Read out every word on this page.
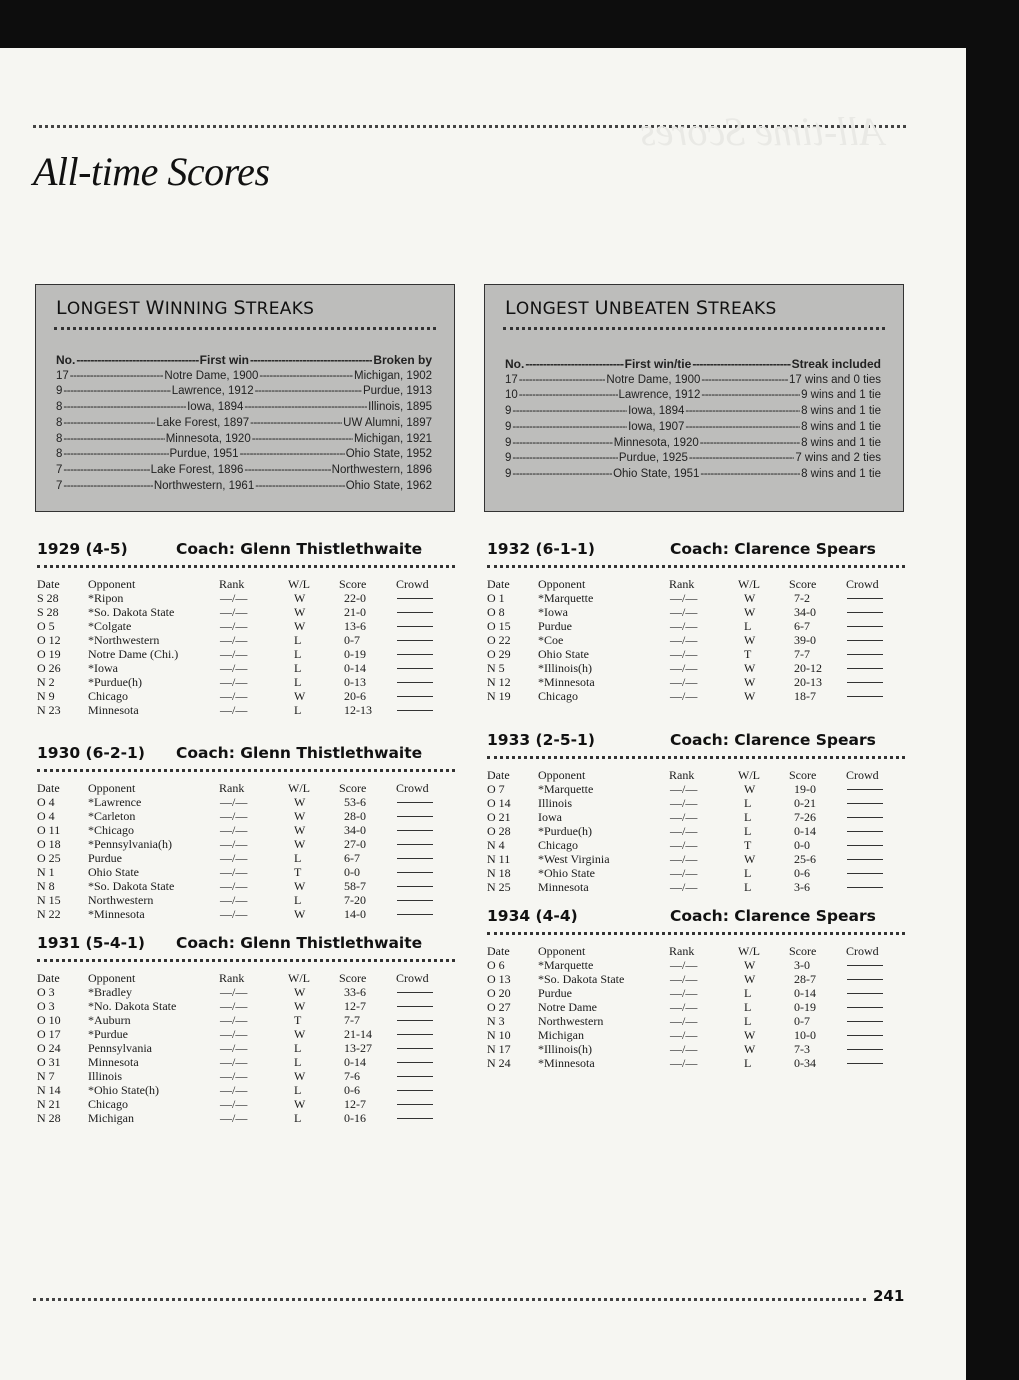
All-time Scores
All-time Scores
LONGEST WINNING STREAKS
No. -----	First win -----	Broken by
17 -----	Notre Dame, 1900 -----	Michigan, 1902
9 -----	Lawrence, 1912 -----	Purdue, 1913
8 -----	Iowa, 1894 -----	Illinois, 1895
8 -----	Lake Forest, 1897 -----	UW Alumni, 1897
8 -----	Minnesota, 1920 -----	Michigan, 1921
8 -----	Purdue, 1951 -----	Ohio State, 1952
7 -----	Lake Forest, 1896 -----	Northwestern, 1896
7 -----	Northwestern, 1961 -----	Ohio State, 1962
LONGEST UNBEATEN STREAKS
No. -----	First win/tie -----	Streak included
17 -----	Notre Dame, 1900 -----	17 wins and 0 ties
10 -----	Lawrence, 1912 -----	9 wins and 1 tie
9 -----	Iowa, 1894 -----	8 wins and 1 tie
9 -----	Iowa, 1907 -----	8 wins and 1 tie
9 -----	Minnesota, 1920 -----	8 wins and 1 tie
9 -----	Purdue, 1925 -----	7 wins and 2 ties
9 -----	Ohio State, 1951 -----	8 wins and 1 tie
1929 (4-5)	Coach: Glenn Thistlethwaite
Date Opponent	Rank	W/L Score Crowd
S 28 *Ripon	—/—	W	22-0
S 28 *So. Dakota State	—/—	W	21-0
O 5	*Colgate	—/—	W	13-6
O 12 *Northwestern	—/—	L	0-7
O 19 Notre Dame (Chi.)	—/—	L	0-19
O 26 *Iowa	—/—	L	0-14
N 2	*Purdue(h)	—/—	L	0-13
N 9	Chicago	—/—	W	20-6
N 23 Minnesota	—/—	L	12-13
1930 (6-2-1) Coach: Glenn Thistlethwaite
Date Opponent	Rank	W/L Score Crowd
O 4	*Lawrence	—/—	W	53-6
O 4	*Carleton	—/—	W	28-0
O 11 *Chicago	—/—	W	34-0
O 18 *Pennsylvania(h)	—/—	W	27-0
O 25 Purdue	—/—	L	6-7
N 1	Ohio State	—/—	T	0-0
N 8	*So. Dakota State	—/—	W	58-7
N 15 Northwestern	—/—	L	7-20
N 22 *Minnesota	—/—	W	14-0
1931 (5-4-1) Coach: Glenn Thistlethwaite
Date Opponent	Rank	W/L Score Crowd
O 3	*Bradley	—/—	W	33-6
O 3	*No. Dakota State	—/—	W	12-7
O 10 *Auburn	—/—	T	7-7
O 17 *Purdue	—/—	W	21-14
O 24 Pennsylvania	—/—	L	13-27
O 31 Minnesota	—/—	L	0-14
N 7	Illinois	—/—	W	7-6
N 14 *Ohio State(h)	—/—	L	0-6
N 21 Chicago	—/—	W	12-7
N 28 Michigan	—/—	L	0-16
1932 (6-1-1)	Coach: Clarence Spears
Date Opponent	Rank	W/L Score Crowd
O 1	*Marquette	—/—	W	7-2
O 8	*Iowa	—/—	W	34-0
O 15 Purdue	—/—	L	6-7
O 22 *Coe	—/—	W	39-0
O 29 Ohio State	—/—	T	7-7
N 5	*Illinois(h)	—/—	W	20-12
N 12 *Minnesota	—/—	W	20-13
N 19 Chicago	—/—	W	18-7
1933 (2-5-1)	Coach: Clarence Spears
Date Opponent	Rank	W/L Score Crowd
O 7	*Marquette	—/—	W	19-0
O 14 Illinois	—/—	L	0-21
O 21 Iowa	—/—	L	7-26
O 28 *Purdue(h)	—/—	L	0-14
N 4	Chicago	—/—	T	0-0
N 11 *West Virginia	—/—	W	25-6
N 18 *Ohio State	—/—	L	0-6
N 25 Minnesota	—/—	L	3-6
1934 (4-4)	Coach: Clarence Spears
Date Opponent	Rank	W/L Score Crowd
O 6	*Marquette	—/—	W	3-0
O 13 *So. Dakota State	—/—	W	28-7
O 20 Purdue	—/—	L	0-14
O 27 Notre Dame	—/—	L	0-19
N 3	Northwestern	—/—	L	0-7
N 10 Michigan	—/—	W	10-0
N 17 *Illinois(h)	—/—	W	7-3
N 24 *Minnesota	—/—	L	0-34
241
